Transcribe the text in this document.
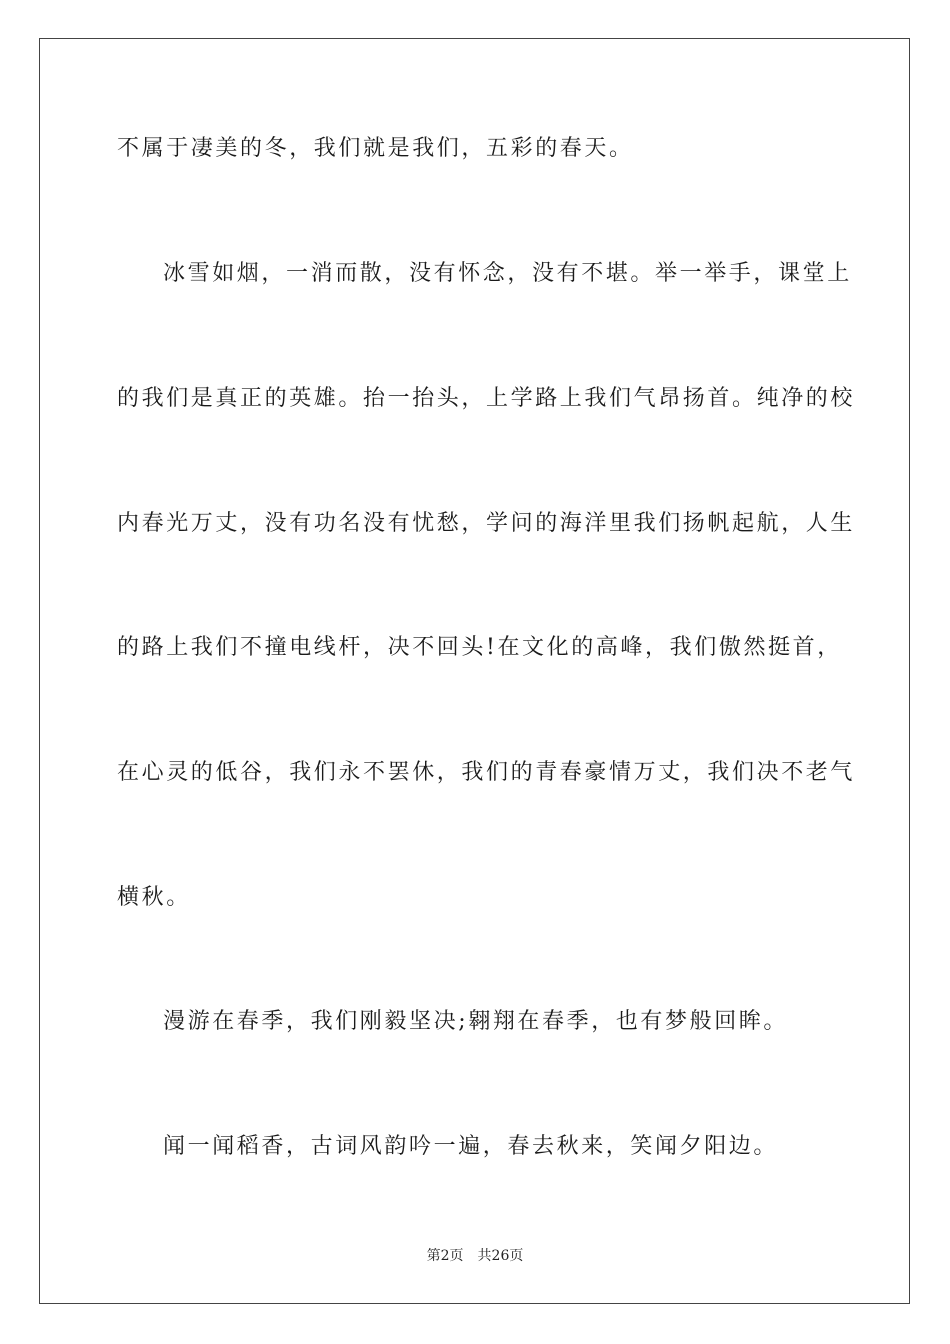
不属于凄美的冬，我们就是我们，五彩的春天。
冰雪如烟，一消而散，没有怀念，没有不堪。举一举手，课堂上
的我们是真正的英雄。抬一抬头，上学路上我们气昂扬首。纯净的校
内春光万丈，没有功名没有忧愁，学问的海洋里我们扬帆起航，人生
的路上我们不撞电线杆，决不回头!在文化的高峰，我们傲然挺首，
在心灵的低谷，我们永不罢休，我们的青春豪情万丈，我们决不老气
横秋。
漫游在春季，我们刚毅坚决;翱翔在春季，也有梦般回眸。
闻一闻稻香，古词风韵吟一遍，春去秋来，笑闻夕阳边。
第2页 共26页
